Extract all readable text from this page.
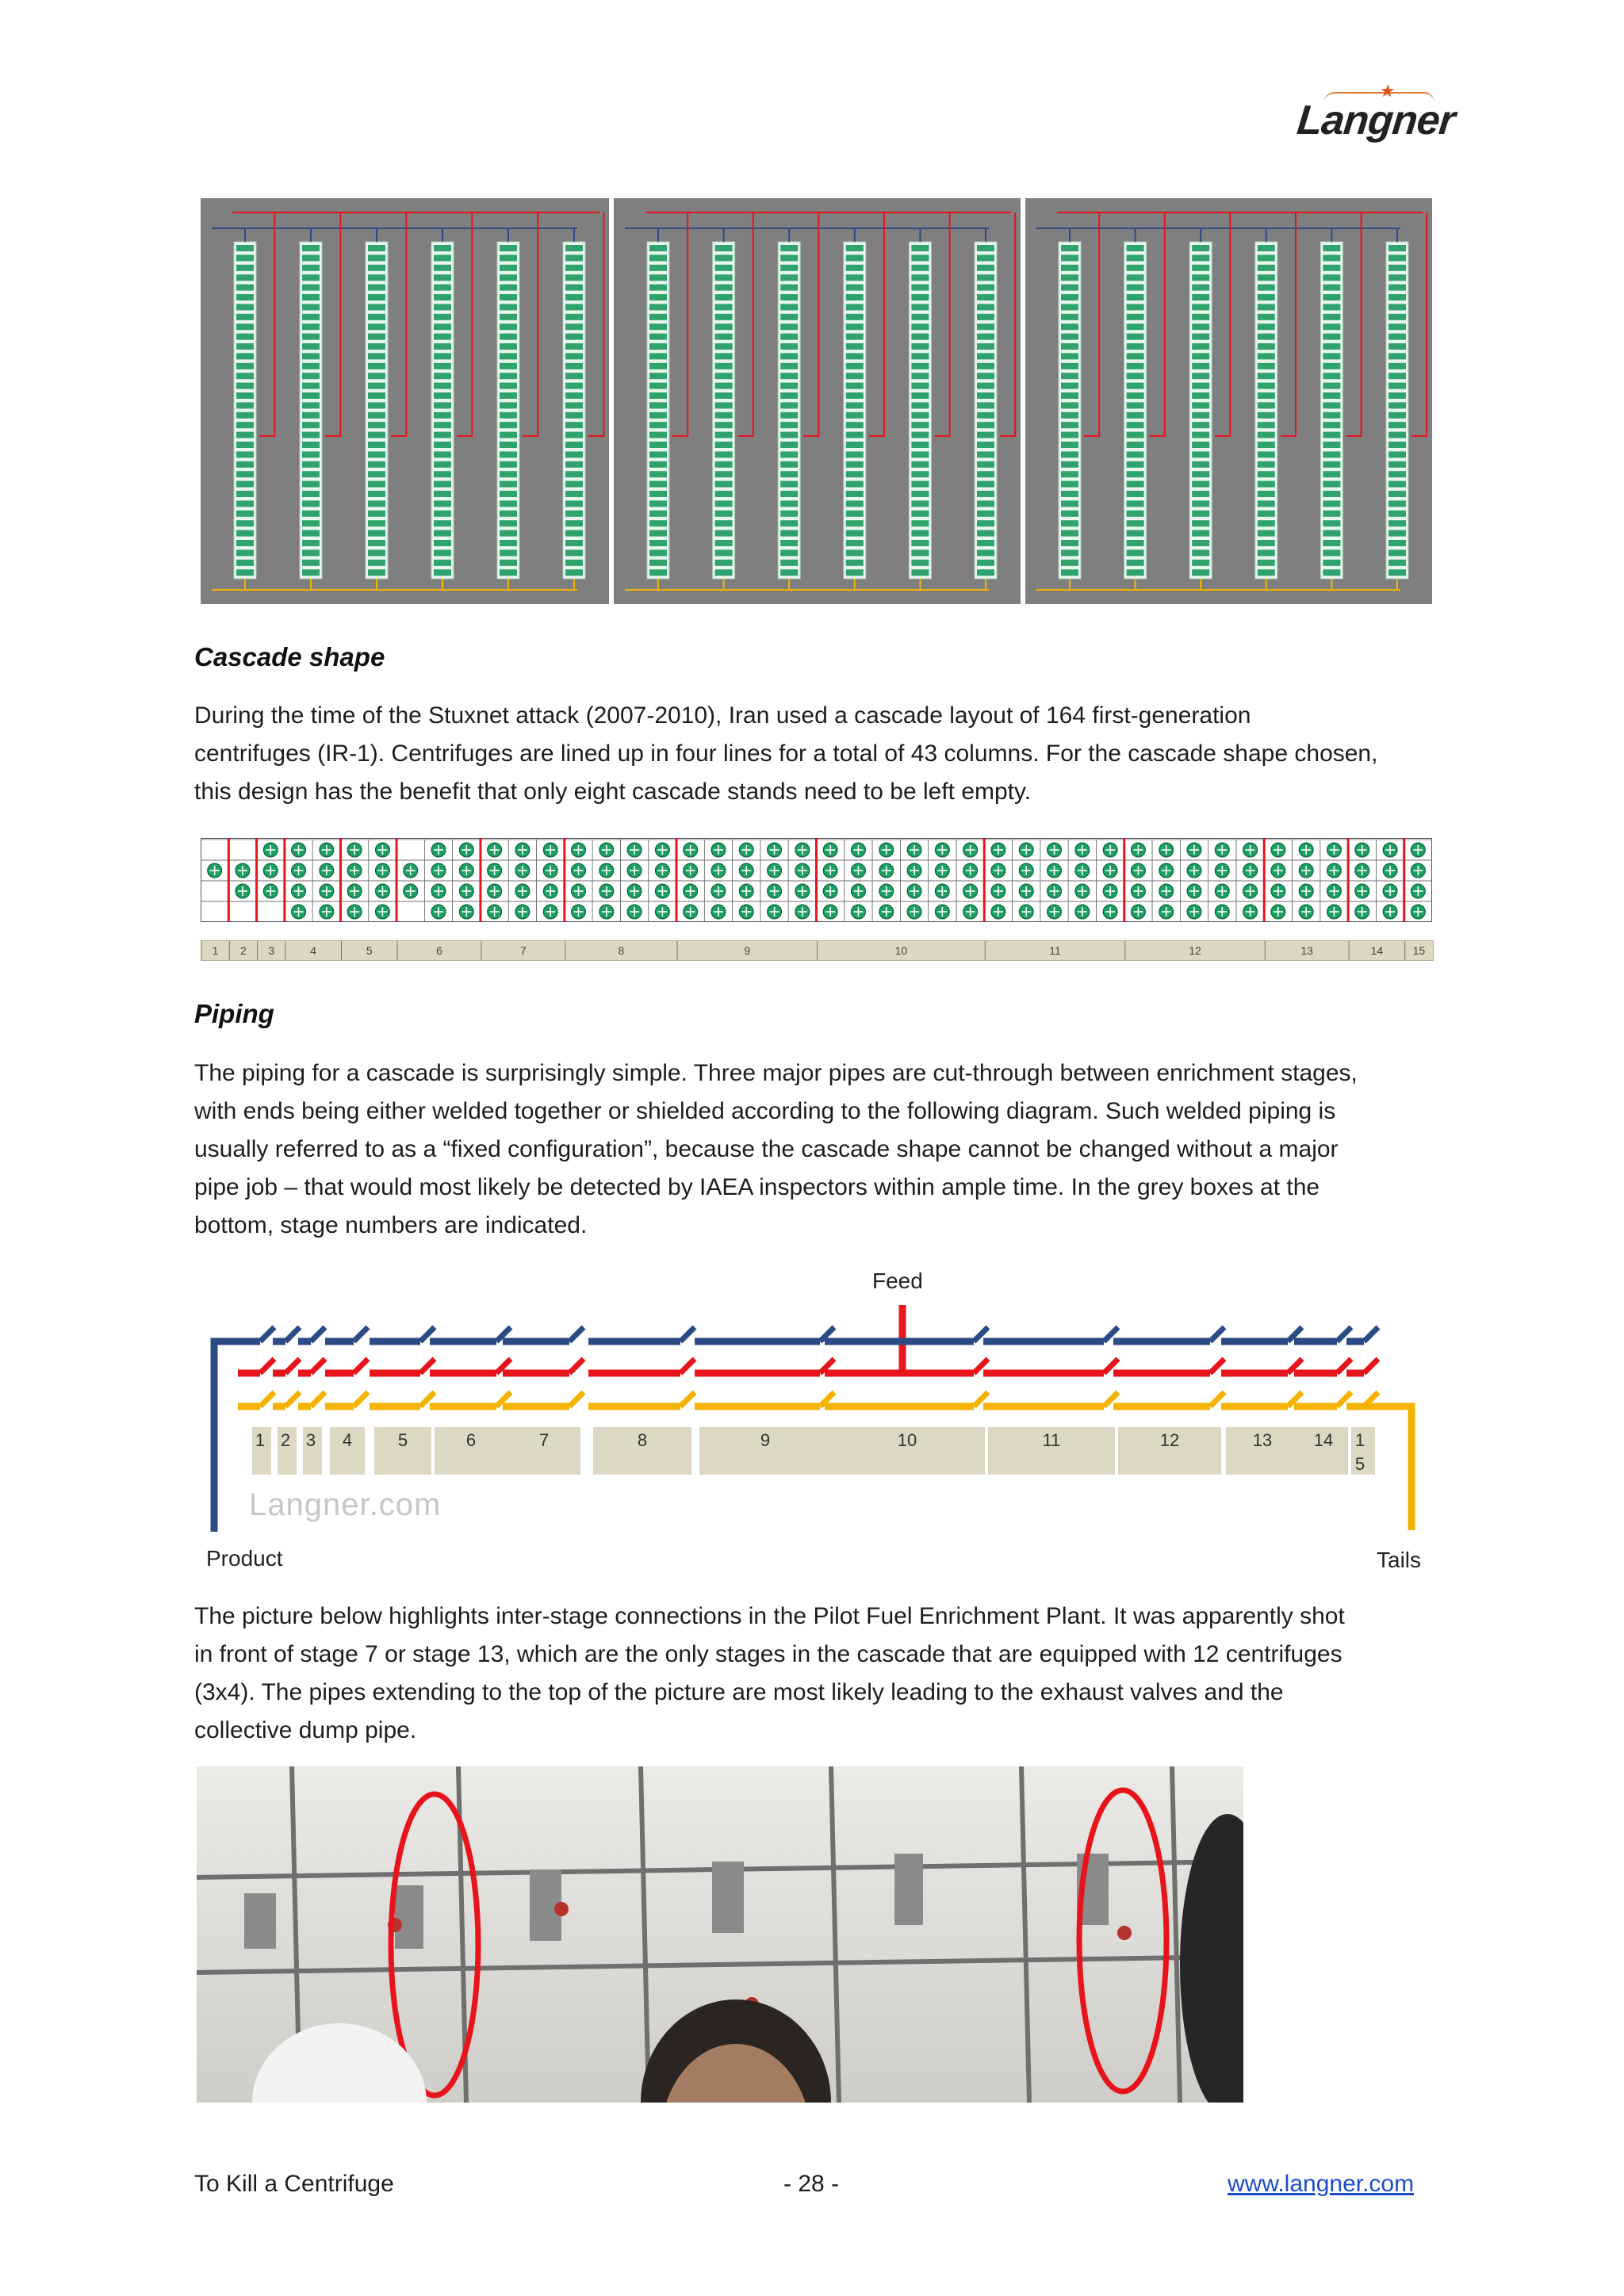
★
Langner
Cascade shape
During the time of the Stuxnet attack (2007-2010), Iran used a cascade layout of 164 first-generation
centrifuges (IR-1). Centrifuges are lined up in four lines for a total of 43 columns. For the cascade shape chosen,
this design has the benefit that only eight cascade stands need to be left empty.
1 2 3	4	5	6	7	8	9	10	11	12	13	14	15
Piping
The piping for a cascade is surprisingly simple. Three major pipes are cut-through between enrichment stages,
with ends being either welded together or shielded according to the following diagram. Such welded piping is
usually referred to as a “fixed configuration”, because the cascade shape cannot be changed without a major
pipe job – that would most likely be detected by IAEA inspectors within ample time. In the grey boxes at the
bottom, stage numbers are indicated.
Feed
1 2 3 4	5	6	7	8	9	10	11	12	13 14 1
5
Langner.com
Product	Tails
The picture below highlights inter-stage connections in the Pilot Fuel Enrichment Plant. It was apparently shot
in front of stage 7 or stage 13, which are the only stages in the cascade that are equipped with 12 centrifuges
(3x4). The pipes extending to the top of the picture are most likely leading to the exhaust valves and the
collective dump pipe.
To Kill a Centrifuge	- 28 -	www.langner.com
